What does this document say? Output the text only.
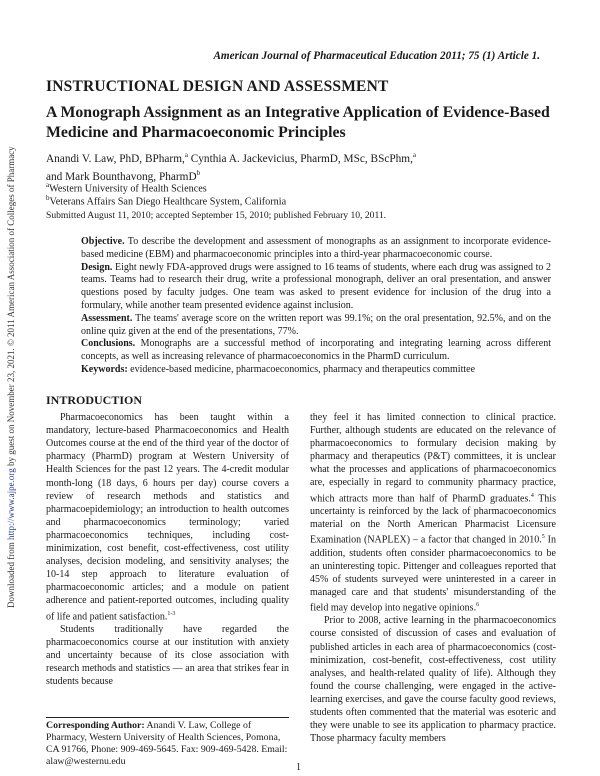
American Journal of Pharmaceutical Education 2011; 75 (1) Article 1.
INSTRUCTIONAL DESIGN AND ASSESSMENT
A Monograph Assignment as an Integrative Application of Evidence-Based Medicine and Pharmacoeconomic Principles
Anandi V. Law, PhD, BPharm,$^a$ Cynthia A. Jackevicius, PharmD, MSc, BScPhm,$^a$
and Mark Bounthavong, PharmD$^b$
$^a$Western University of Health Sciences
$^b$Veterans Affairs San Diego Healthcare System, California
Submitted August 11, 2010; accepted September 15, 2010; published February 10, 2011.

Objective. To describe the development and assessment of monographs as an assignment to incorporate evidence-based medicine (EBM) and pharmacoeconomic principles into a third-year pharmacoeconomic course.

Design. Eight newly FDA-approved drugs were assigned to 16 teams of students, where each drug was assigned to 2 teams. Teams had to research their drug, write a professional monograph, deliver an oral presentation, and answer questions posed by faculty judges. One team was asked to present evidence for inclusion of the drug into a formulary, while another team presented evidence against inclusion.

Assessment. The teams' average score on the written report was 99.1%; on the oral presentation, 92.5%, and on the online quiz given at the end of the presentations, 77%.

Conclusions. Monographs are a successful method of incorporating and integrating learning across different concepts, as well as increasing relevance of pharmacoeconomics in the PharmD curriculum.

Keywords: evidence-based medicine, pharmacoeconomics, pharmacy and therapeutics committee

INTRODUCTION

Pharmacoeconomics has been taught within a mandatory, lecture-based Pharmacoeconomics and Health Outcomes course at the end of the third year of the doctor of pharmacy (PharmD) program at Western University of Health Sciences for the past 12 years. The 4-credit modular month-long (18 days, 6 hours per day) course covers a review of research methods and statistics and pharmacoepidemiology; an introduction to health outcomes and pharmacoeconomics terminology; varied pharmacoeconomics techniques, including cost-minimization, cost benefit, cost-effectiveness, cost utility analyses, decision modeling, and sensitivity analyses; the 10-14 step approach to literature evaluation of pharmacoeconomic articles; and a module on patient adherence and patient-reported outcomes, including quality of life and patient satisfaction.$^{1-3}$

Students traditionally have regarded the pharmacoeconomics course at our institution with anxiety and uncertainty because of its close association with research methods and statistics — an area that strikes fear in students because

they feel it has limited connection to clinical practice. Further, although students are educated on the relevance of pharmacoeconomics to formulary decision making by pharmacy and therapeutics (P&T) committees, it is unclear what the processes and applications of pharmacoeconomics are, especially in regard to community pharmacy practice, which attracts more than half of PharmD graduates.$^4$ This uncertainty is reinforced by the lack of pharmacoeconomics material on the North American Pharmacist Licensure Examination (NAPLEX) – a factor that changed in 2010.$^5$ In addition, students often consider pharmacoeconomics to be an uninteresting topic. Pittenger and colleagues reported that 45% of students surveyed were uninterested in a career in managed care and that students' misunderstanding of the field may develop into negative opinions.$^6$

Prior to 2008, active learning in the pharmacoeconomics course consisted of discussion of cases and evaluation of published articles in each area of pharmacoeconomics (cost-minimization, cost-benefit, cost-effectiveness, cost utility analyses, and health-related quality of life). Although they found the course challenging, were engaged in the active-learning exercises, and gave the course faculty good reviews, students often commented that the material was esoteric and they were unable to see its application to pharmacy practice. Those pharmacy faculty members

Corresponding Author: Anandi V. Law, College of Pharmacy, Western University of Health Sciences, Pomona, CA 91766, Phone: 909-469-5645. Fax: 909-469-5428. Email: alaw@westernu.edu
1
Downloaded from http://www.ajpe.org by guest on November 23, 2021. © 2011 American Association of Colleges of Pharmacy
